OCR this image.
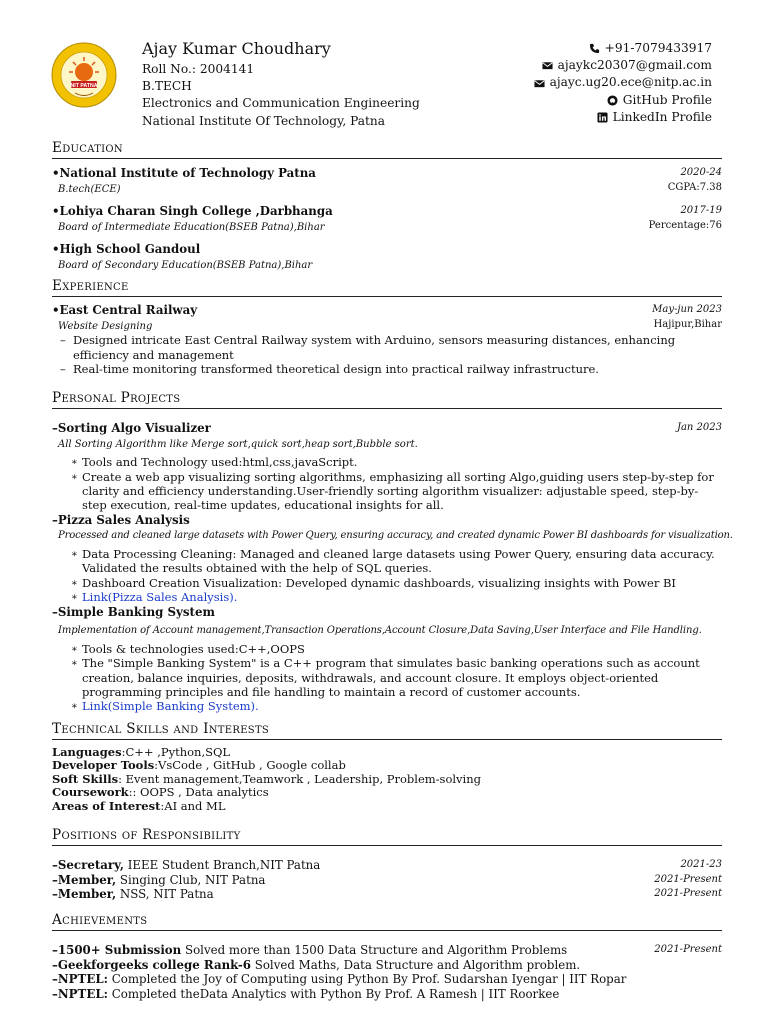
NIT PATNA
Ajay Kumar Choudhary
Roll No.: 2004141
B.TECH
Electronics and Communication Engineering
National Institute Of Technology, Patna
+91-7079433917
ajaykc20307@gmail.com
ajayc.ug20.ece@nitp.ac.in
GitHub Profile
LinkedIn Profile
Education
•National Institute of Technology Patna	2020-24
B.tech(ECE)	CGPA:7.38
•Lohiya Charan Singh College ,Darbhanga	2017-19
Board of Intermediate Education(BSEB Patna),Bihar	Percentage:76
•High School Gandoul
Board of Secondary Education(BSEB Patna),Bihar
Experience
•East Central Railway	May-jun 2023
Website Designing	Hajipur,Bihar
– Designed intricate East Central Railway system with Arduino, sensors measuring distances, enhancing efficiency and management
– Real-time monitoring transformed theoretical design into practical railway infrastructure.
Personal Projects
–Sorting Algo Visualizer	Jan 2023
All Sorting Algorithm like Merge sort,quick sort,heap sort,Bubble sort.
∗ Tools and Technology used:html,css,javaScript.
∗ Create a web app visualizing sorting algorithms, emphasizing all sorting Algo,guiding users step-by-step for clarity and efficiency understanding.User-friendly sorting algorithm visualizer: adjustable speed, step-by-step execution, real-time updates, educational insights for all.
–Pizza Sales Analysis
Processed and cleaned large datasets with Power Query, ensuring accuracy, and created dynamic Power BI dashboards for visualization.
∗ Data Processing Cleaning: Managed and cleaned large datasets using Power Query, ensuring data accuracy. Validated the results obtained with the help of SQL queries.
∗ Dashboard Creation Visualization: Developed dynamic dashboards, visualizing insights with Power BI
∗ Link(Pizza Sales Analysis).
–Simple Banking System
Implementation of Account management,Transaction Operations,Account Closure,Data Saving,User Interface and File Handling.
∗ Tools & technologies used:C++,OOPS
∗ The "Simple Banking System" is a C++ program that simulates basic banking operations such as account creation, balance inquiries, deposits, withdrawals, and account closure. It employs object-oriented programming principles and file handling to maintain a record of customer accounts.
∗ Link(Simple Banking System).
Technical Skills and Interests
Languages:C++ ,Python,SQL
Developer Tools:VsCode , GitHub , Google collab
Soft Skills: Event management,Teamwork , Leadership, Problem-solving
Coursework:: OOPS , Data analytics
Areas of Interest:AI and ML
Positions of Responsibility
–Secretary, IEEE Student Branch,NIT Patna	2021-23
–Member, Singing Club, NIT Patna	2021-Present
–Member, NSS, NIT Patna	2021-Present
Achievements
–1500+ Submission Solved more than 1500 Data Structure and Algorithm Problems	2021-Present
–Geekforgeeks college Rank-6 Solved Maths, Data Structure and Algorithm problem.
–NPTEL: Completed the Joy of Computing using Python By Prof. Sudarshan Iyengar | IIT Ropar
–NPTEL: Completed theData Analytics with Python By Prof. A Ramesh | IIT Roorkee
